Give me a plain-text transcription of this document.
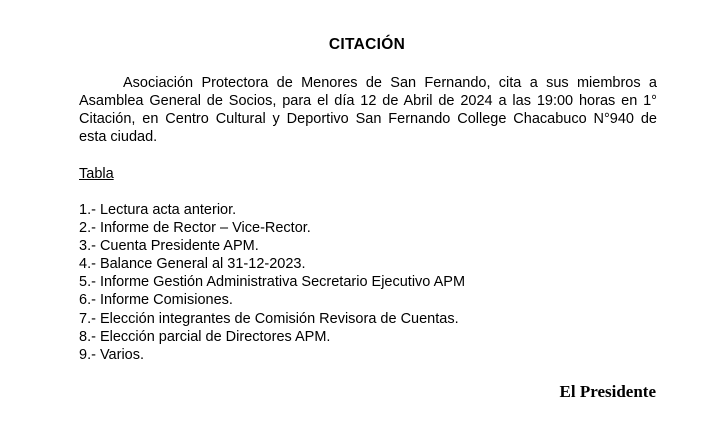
CITACIÓN

Asociación Protectora de Menores de San Fernando, cita a sus miembros a Asamblea General de Socios, para el día 12 de Abril de 2024 a las 19:00 horas en 1° Citación, en Centro Cultural y Deportivo San Fernando College Chacabuco N°940 de esta ciudad.

Tabla
1.- Lectura acta anterior.
2.- Informe de Rector – Vice-Rector.
3.- Cuenta Presidente APM.
4.- Balance General al 31-12-2023.
5.- Informe Gestión Administrativa Secretario Ejecutivo APM
6.- Informe Comisiones.
7.- Elección integrantes de Comisión Revisora de Cuentas.
8.- Elección parcial de Directores APM.
9.- Varios.
El Presidente
